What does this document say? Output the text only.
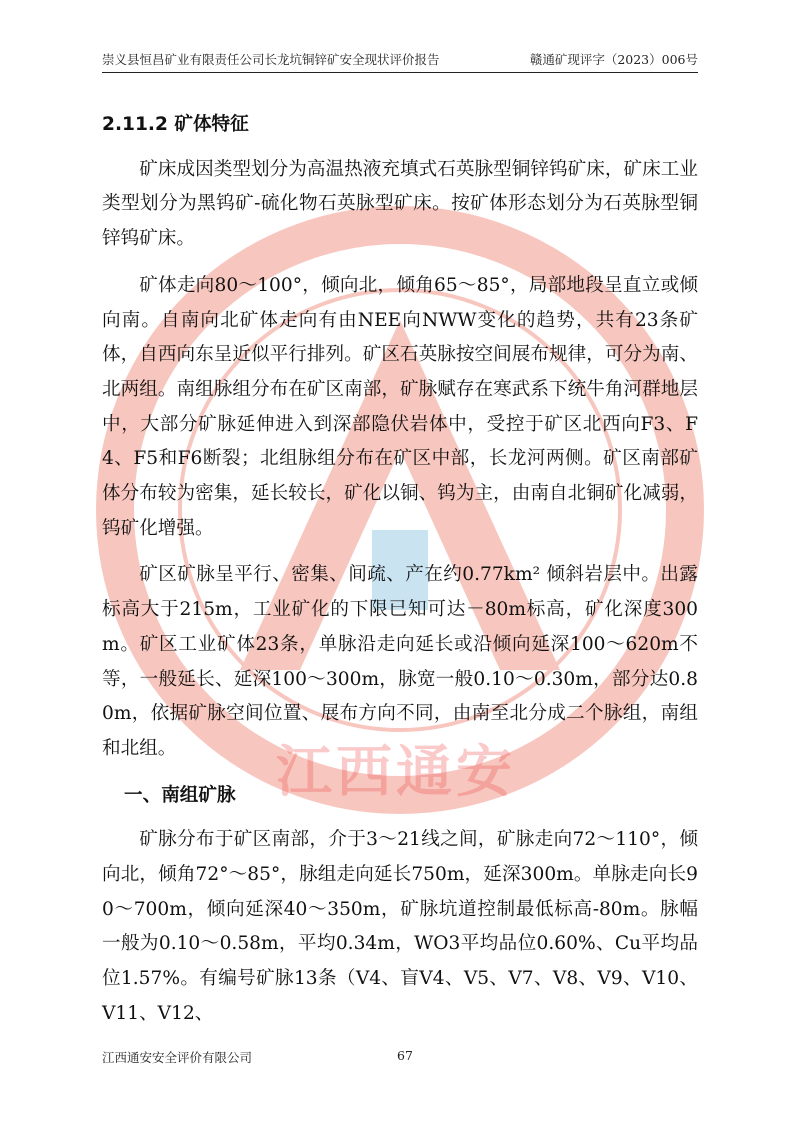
江西通安
崇义县恒昌矿业有限责任公司长龙坑铜锌矿安全现状评价报告	赣通矿现评字（2023）006号
2.11.2 矿体特征

矿床成因类型划分为高温热液充填式石英脉型铜锌钨矿床，矿床工业类型划分为黑钨矿-硫化物石英脉型矿床。按矿体形态划分为石英脉型铜锌钨矿床。

矿体走向80～100°，倾向北，倾角65～85°，局部地段呈直立或倾向南。自南向北矿体走向有由NEE向NWW变化的趋势，共有23条矿体，自西向东呈近似平行排列。矿区石英脉按空间展布规律，可分为南、北两组。南组脉组分布在矿区南部，矿脉赋存在寒武系下统牛角河群地层中，大部分矿脉延伸进入到深部隐伏岩体中，受控于矿区北西向F3、F4、F5和F6断裂；北组脉组分布在矿区中部，长龙河两侧。矿区南部矿体分布较为密集，延长较长，矿化以铜、钨为主，由南自北铜矿化减弱，钨矿化增强。

矿区矿脉呈平行、密集、间疏、产在约0.77km² 倾斜岩层中。出露标高大于215m，工业矿化的下限已知可达－80m标高，矿化深度300m。矿区工业矿体23条，单脉沿走向延长或沿倾向延深100～620m不等，一般延长、延深100～300m，脉宽一般0.10～0.30m，部分达0.80m，依据矿脉空间位置、展布方向不同，由南至北分成二个脉组，南组和北组。

一、南组矿脉

矿脉分布于矿区南部，介于3～21线之间，矿脉走向72～110°，倾向北，倾角72°～85°，脉组走向延长750m，延深300m。单脉走向长90～700m，倾向延深40～350m，矿脉坑道控制最低标高-80m。脉幅一般为0.10～0.58m，平均0.34m，WO3平均品位0.60%、Cu平均品位1.57%。有编号矿脉13条（V4、盲V4、V5、V7、V8、V9、V10、V11、V12、

江西通安安全评价有限公司	67
